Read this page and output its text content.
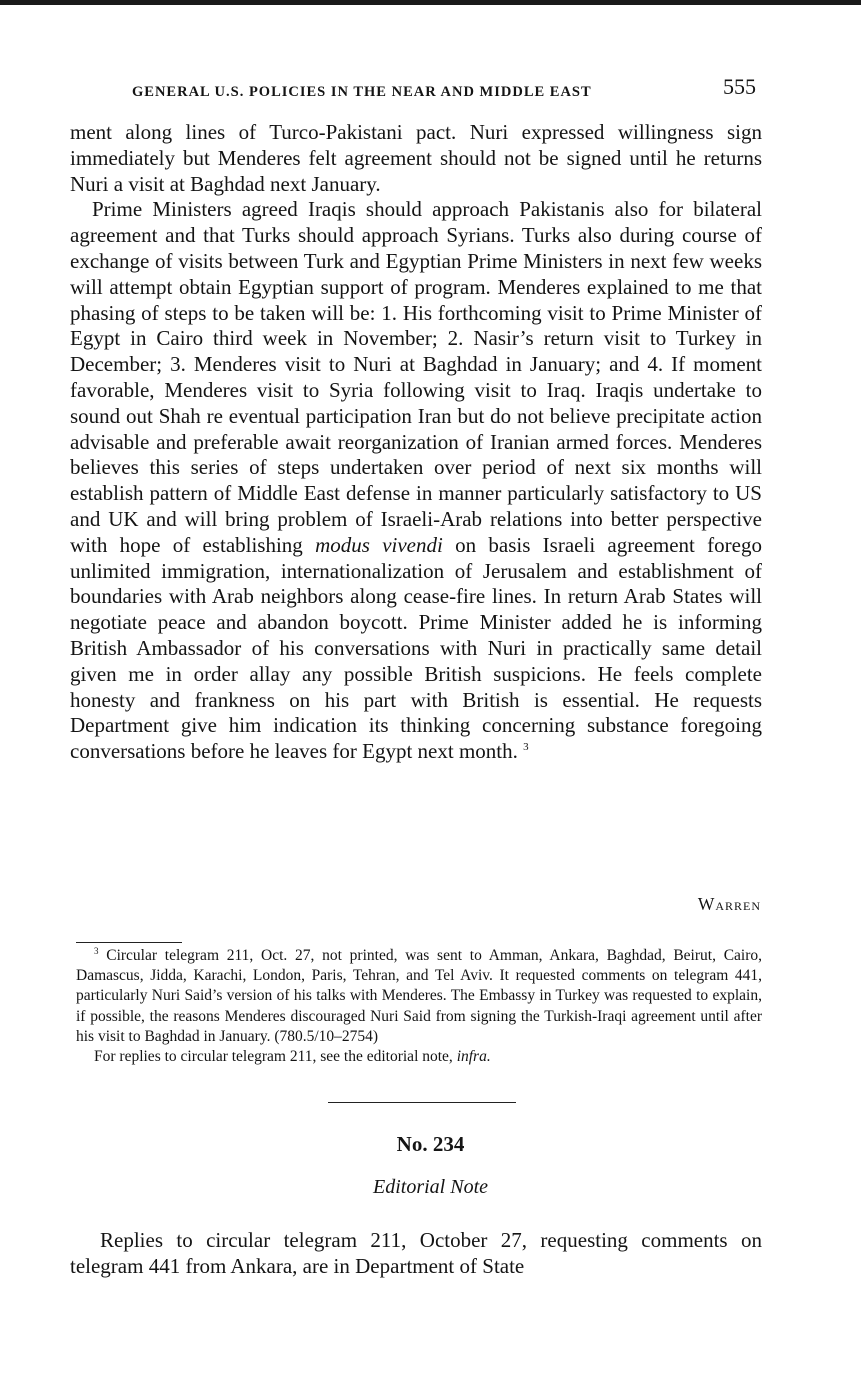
GENERAL U.S. POLICIES IN THE NEAR AND MIDDLE EAST	555

ment along lines of Turco-Pakistani pact. Nuri expressed willingness sign immediately but Menderes felt agreement should not be signed until he returns Nuri a visit at Baghdad next January.

Prime Ministers agreed Iraqis should approach Pakistanis also for bilateral agreement and that Turks should approach Syrians. Turks also during course of exchange of visits between Turk and Egyptian Prime Ministers in next few weeks will attempt obtain Egyptian support of program. Menderes explained to me that phasing of steps to be taken will be: 1. His forthcoming visit to Prime Minister of Egypt in Cairo third week in November; 2. Nasir’s return visit to Turkey in December; 3. Menderes visit to Nuri at Baghdad in January; and 4. If moment favorable, Menderes visit to Syria following visit to Iraq. Iraqis undertake to sound out Shah re eventual participation Iran but do not believe precipitate action advisable and preferable await reorganization of Iranian armed forces. Menderes believes this series of steps undertaken over period of next six months will establish pattern of Middle East defense in manner particularly satisfactory to US and UK and will bring problem of Israeli-Arab relations into better perspective with hope of establishing modus vivendi on basis Israeli agreement forego unlimited immigration, internationalization of Jerusalem and establishment of boundaries with Arab neighbors along cease-fire lines. In return Arab States will negotiate peace and abandon boycott. Prime Minister added he is informing British Ambassador of his conversations with Nuri in practically same detail given me in order allay any possible British suspicions. He feels complete honesty and frankness on his part with British is essential. He requests Department give him indication its thinking concerning substance foregoing conversations before he leaves for Egypt next month. $^3$

Warren

$^3$ Circular telegram 211, Oct. 27, not printed, was sent to Amman, Ankara, Baghdad, Beirut, Cairo, Damascus, Jidda, Karachi, London, Paris, Tehran, and Tel Aviv. It requested comments on telegram 441, particularly Nuri Said’s version of his talks with Menderes. The Embassy in Turkey was requested to explain, if possible, the reasons Menderes discouraged Nuri Said from signing the Turkish-Iraqi agreement until after his visit to Baghdad in January. (780.5/10–2754)

For replies to circular telegram 211, see the editorial note, infra.

No. 234
Editorial Note

Replies to circular telegram 211, October 27, requesting comments on telegram 441 from Ankara, are in Department of State
